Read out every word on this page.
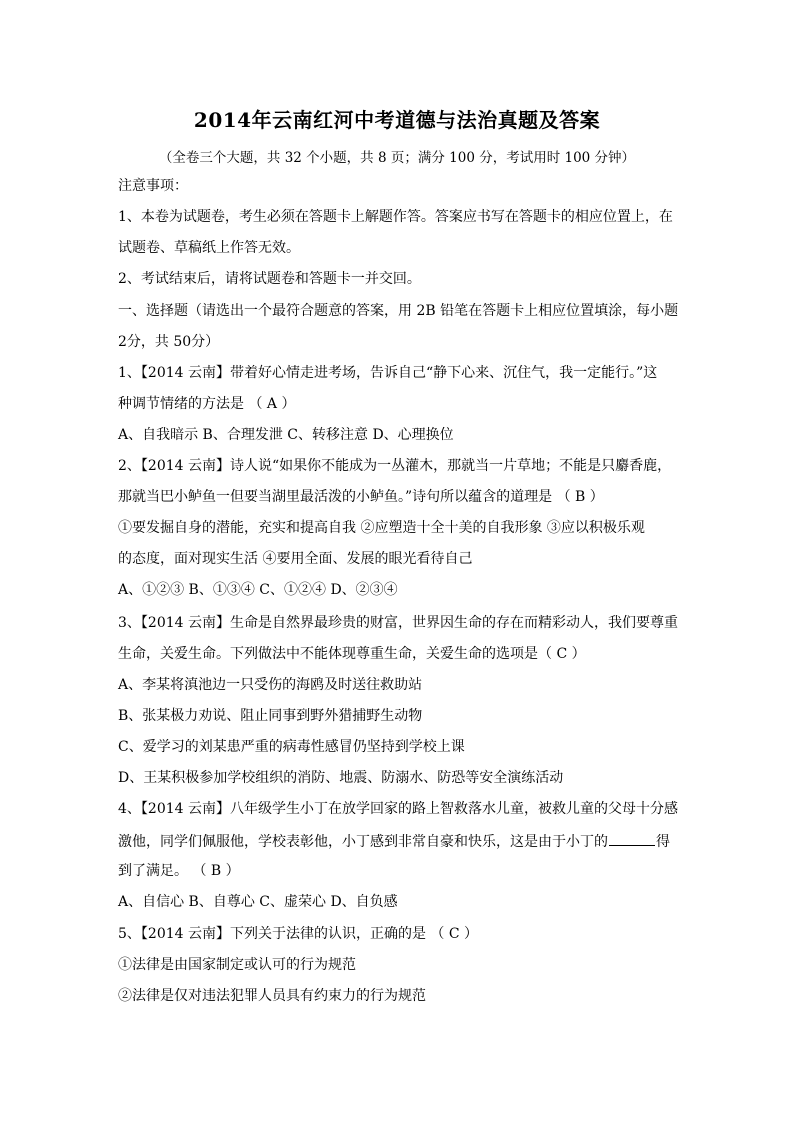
2014年云南红河中考道德与法治真题及答案
（全卷三个大题，共 32 个小题，共 8 页；满分 100 分，考试用时 100 分钟）
注意事项：
1、本卷为试题卷，考生必须在答题卡上解题作答。答案应书写在答题卡的相应位置上，在
试题卷、草稿纸上作答无效。
2、考试结束后，请将试题卷和答题卡一并交回。
一、选择题（请选出一个最符合题意的答案，用 2B 铅笔在答题卡上相应位置填涂，每小题
2分，共 50分）
1、【2014 云南】带着好心情走进考场，告诉自己“静下心来、沉住气，我一定能行。”这
种调节情绪的方法是 （ A ）
A、自我暗示 B、合理发泄 C、转移注意 D、心理换位
2、【2014 云南】诗人说“如果你不能成为一丛灌木，那就当一片草地；不能是只麝香鹿，
那就当巴小鲈鱼一但要当湖里最活泼的小鲈鱼。”诗句所以蕴含的道理是 （ B ）
①要发掘自身的潜能，充实和提高自我 ②应塑造十全十美的自我形象 ③应以积极乐观
的态度，面对现实生活 ④要用全面、发展的眼光看待自己
A、①②③ B、①③④ C、①②④ D、②③④
3、【2014 云南】生命是自然界最珍贵的财富，世界因生命的存在而精彩动人，我们要尊重
生命，关爱生命。下列做法中不能体现尊重生命，关爱生命的选项是（ C ）
A、李某将滇池边一只受伤的海鸥及时送往救助站
B、张某极力劝说、阻止同事到野外猎捕野生动物
C、爱学习的刘某患严重的病毒性感冒仍坚持到学校上课
D、王某积极参加学校组织的消防、地震、防溺水、防恐等安全演练活动
4、【2014 云南】八年级学生小丁在放学回家的路上智救落水儿童，被救儿童的父母十分感
激他，同学们佩服他，学校表彰他，小丁感到非常自豪和快乐，这是由于小丁的	得
到了满足。 （ B ）
A、自信心 B、自尊心 C、虚荣心 D、自负感
5、【2014 云南】下列关于法律的认识，正确的是 （ C ）
①法律是由国家制定或认可的行为规范
②法律是仅对违法犯罪人员具有约束力的行为规范
